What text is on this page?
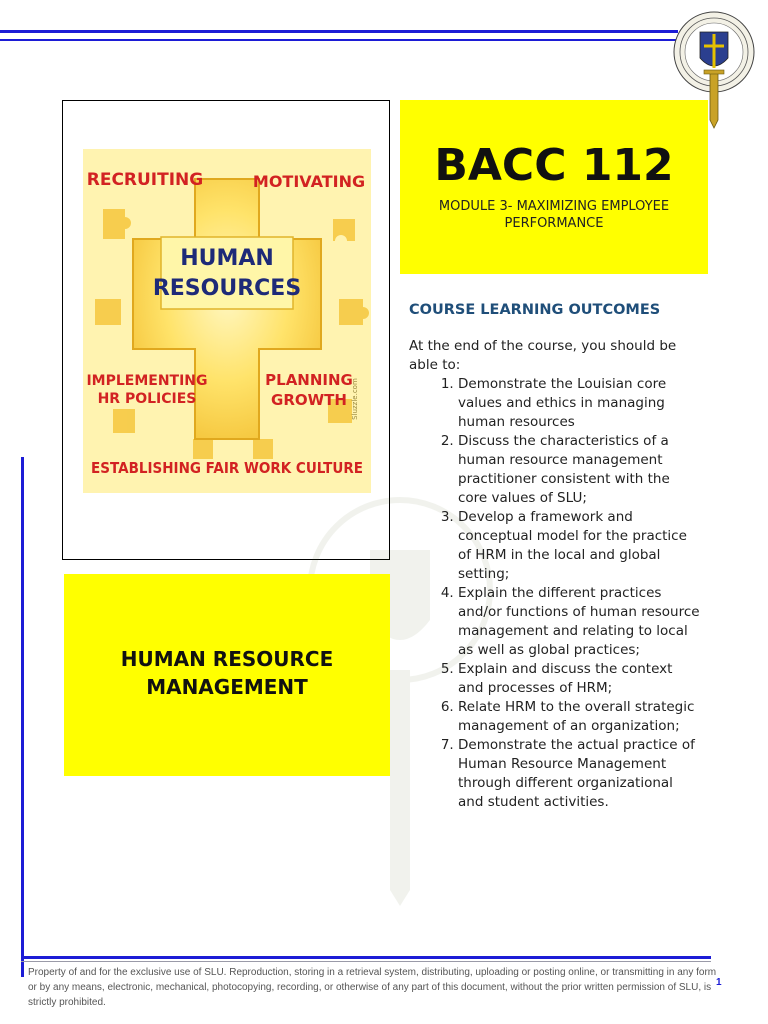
RECRUITING	MOTIVATING
HUMAN
RESOURCES
IMPLEMENTING
HR POLICIES
PLANNING
GROWTH
ESTABLISHING FAIR WORK CULTURE
Sluzzle.com
BACC 112
MODULE 3- MAXIMIZING EMPLOYEE PERFORMANCE
HUMAN RESOURCE MANAGEMENT
COURSE LEARNING OUTCOMES
At the end of the course, you should be able to:
1. Demonstrate the Louisian core values and ethics in managing human resources
2. Discuss the characteristics of a human resource management practitioner consistent with the core values of SLU;
3. Develop a framework and conceptual model for the practice of HRM in the local and global setting;
4. Explain the different practices and/or functions of human resource management and relating to local as well as global practices;
5. Explain and discuss the context and processes of HRM;
6. Relate HRM to the overall strategic management of an organization;
7. Demonstrate the actual practice of Human Resource Management through different organizational and student activities.
Property of and for the exclusive use of SLU. Reproduction, storing in a retrieval system, distributing, uploading or posting online, or transmitting in any form or by any means, electronic, mechanical, photocopying, recording, or otherwise of any part of this document, without the prior written permission of SLU, is strictly prohibited.
1
